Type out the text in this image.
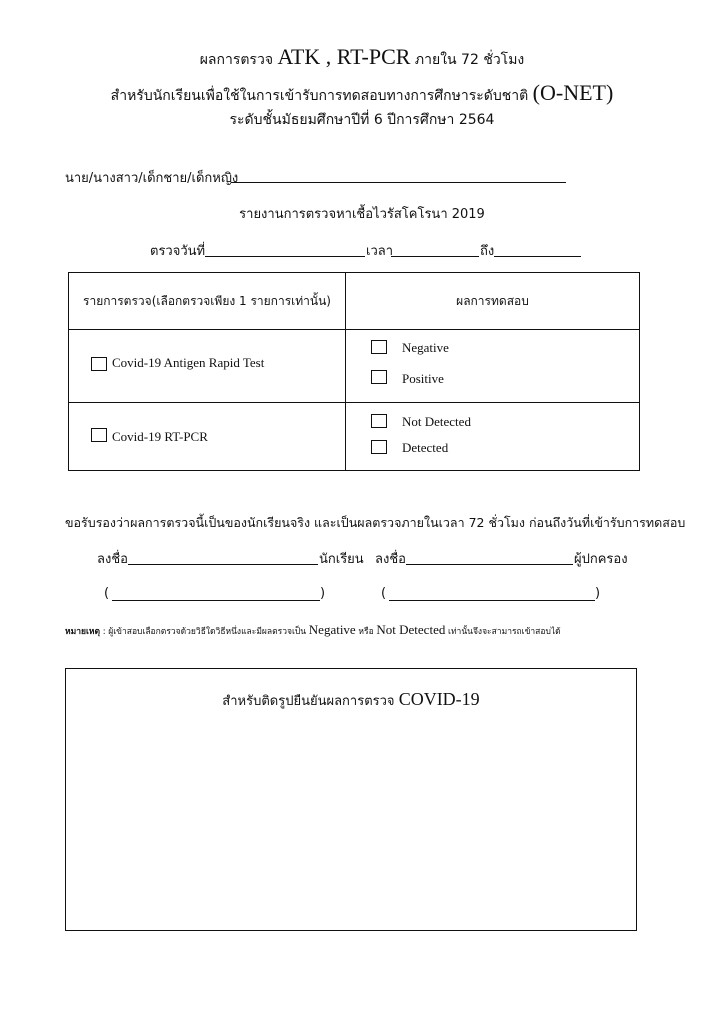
ผลการตรวจ ATK , RT-PCR ภายใน 72 ชั่วโมง
สำหรับนักเรียนเพื่อใช้ในการเข้ารับการทดสอบทางการศึกษาระดับชาติ (O-NET)
ระดับชั้นมัธยมศึกษาปีที่ 6 ปีการศึกษา 2564
นาย/นางสาว/เด็กชาย/เด็กหญิง
รายงานการตรวจหาเชื้อไวรัสโคโรนา 2019
ตรวจวันที่	เวลา	ถึง
รายการตรวจ(เลือกตรวจเพียง 1 รายการเท่านั้น)	ผลการทดสอบ

Covid-19 Antigen Rapid Test	Negative
Positive

Covid-19 RT-PCR	Not Detected
Detected
ขอรับรองว่าผลการตรวจนี้เป็นของนักเรียนจริง และเป็นผลตรวจภายในเวลา 72 ชั่วโมง ก่อนถึงวันที่เข้ารับการทดสอบ
ลงชื่อ	นักเรียน ลงชื่อ	ผู้ปกครอง
(	)	(	)
หมายเหตุ : ผู้เข้าสอบเลือกตรวจด้วยวิธีใดวิธีหนึ่งและมีผลตรวจเป็น Negative หรือ Not Detected เท่านั้นจึงจะสามารถเข้าสอบได้
สำหรับติดรูปยืนยันผลการตรวจ COVID-19
